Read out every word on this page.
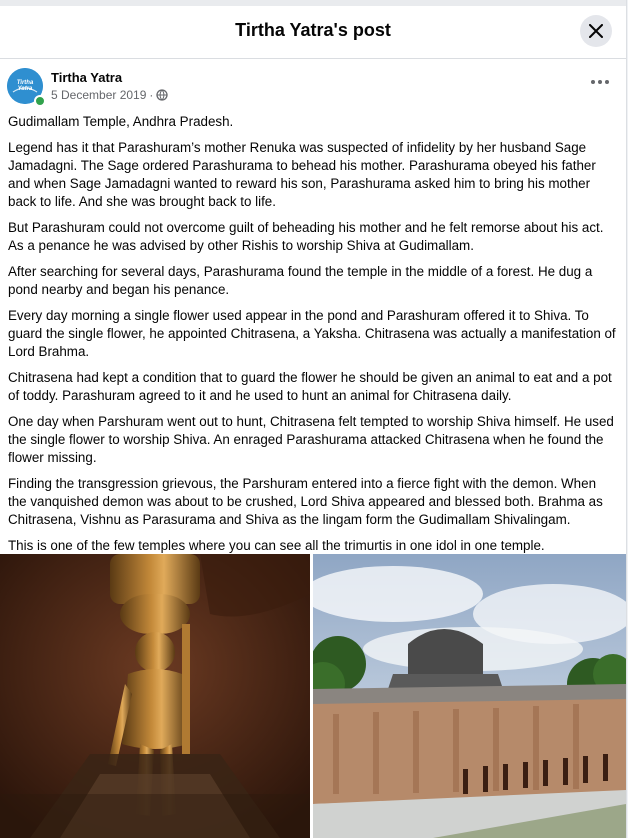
Tirtha Yatra's post
Tirtha Yatra
Tirtha Yatra
5 December 2019 ·

Gudimallam Temple, Andhra Pradesh.

Legend has it that Parashuram’s mother Renuka was suspected of infidelity by her husband Sage Jamadagni. The Sage ordered Parashurama to behead his mother. Parashurama obeyed his father and when Sage Jamadagni wanted to reward his son, Parashurama asked him to bring his mother back to life. And she was brought back to life.

But Parashuram could not overcome guilt of beheading his mother and he felt remorse about his act. As a penance he was advised by other Rishis to worship Shiva at Gudimallam.

After searching for several days, Parashurama found the temple in the middle of a forest. He dug a pond nearby and began his penance.

Every day morning a single flower used appear in the pond and Parashuram offered it to Shiva. To guard the single flower, he appointed Chitrasena, a Yaksha. Chitrasena was actually a manifestation of Lord Brahma.

Chitrasena had kept a condition that to guard the flower he should be given an animal to eat and a pot of toddy. Parashuram agreed to it and he used to hunt an animal for Chitrasena daily.

One day when Parshuram went out to hunt, Chitrasena felt tempted to worship Shiva himself. He used the single flower to worship Shiva. An enraged Parashurama attacked Chitrasena when he found the flower missing.

Finding the transgression grievous, the Parshuram entered into a fierce fight with the demon. When the vanquished demon was about to be crushed, Lord Shiva appeared and blessed both. Brahma as Chitrasena, Vishnu as Parasurama and Shiva as the lingam form the Gudimallam Shivalingam.

This is one of the few temples where you can see all the trimurtis in one idol in one temple.
